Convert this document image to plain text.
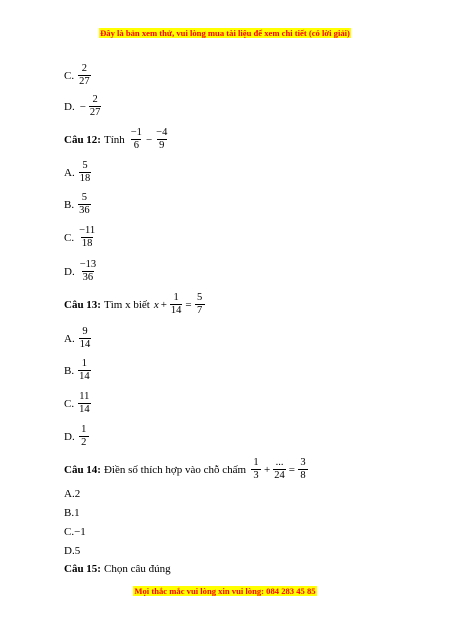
Đây là bản xem thử, vui lòng mua tài liệu để xem chi tiết (có lời giải)
C. $\frac{2}{27}$
D. − $\frac{2}{27}$
Câu 12: Tính $\frac{-1}{6} - \frac{-4}{9}$
A. $\frac{5}{18}$
B. $\frac{5}{36}$
C. $\frac{-11}{18}$
D. $\frac{-13}{36}$
Câu 13: Tìm x biết $x + \frac{1}{14} = \frac{5}{7}$
A. $\frac{9}{14}$
B. $\frac{1}{14}$
C. $\frac{11}{14}$
D. $\frac{1}{2}$
Câu 14: Điền số thích hợp vào chỗ chấm $\frac{1}{3} + \frac{...}{24} = \frac{3}{8}$
A.2
B.1
C.−1
D.5
Câu 15: Chọn câu đúng
Mọi thắc mắc vui lòng xin vui lòng: 084 283 45 85
